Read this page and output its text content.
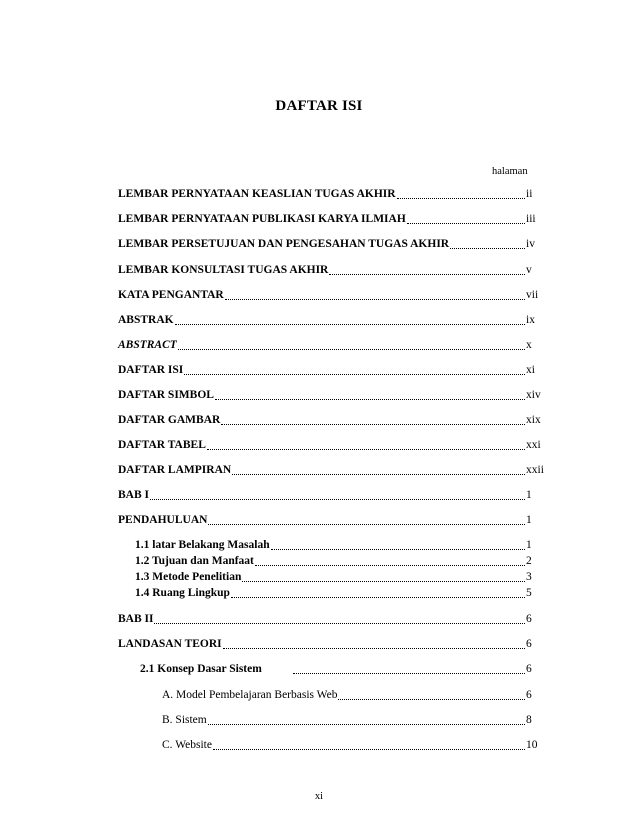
DAFTAR ISI
halaman
LEMBAR PERNYATAAN KEASLIAN TUGAS AKHIR	ii
LEMBAR PERNYATAAN PUBLIKASI KARYA ILMIAH	iii
LEMBAR PERSETUJUAN DAN PENGESAHAN TUGAS AKHIR	iv
LEMBAR KONSULTASI TUGAS AKHIR	v
KATA PENGANTAR	vii
ABSTRAK	ix
ABSTRACT	x
DAFTAR ISI	xi
DAFTAR SIMBOL	xiv
DAFTAR GAMBAR	xix
DAFTAR TABEL	xxi
DAFTAR LAMPIRAN	xxii
BAB I	1
PENDAHULUAN	1
1.1 latar Belakang Masalah	1
1.2 Tujuan dan Manfaat	2
1.3 Metode Penelitian	3
1.4 Ruang Lingkup	5
BAB II	6
LANDASAN TEORI	6
2.1 Konsep Dasar Sistem	6
A. Model Pembelajaran Berbasis Web	6
B. Sistem	8
C. Website	10
xi
